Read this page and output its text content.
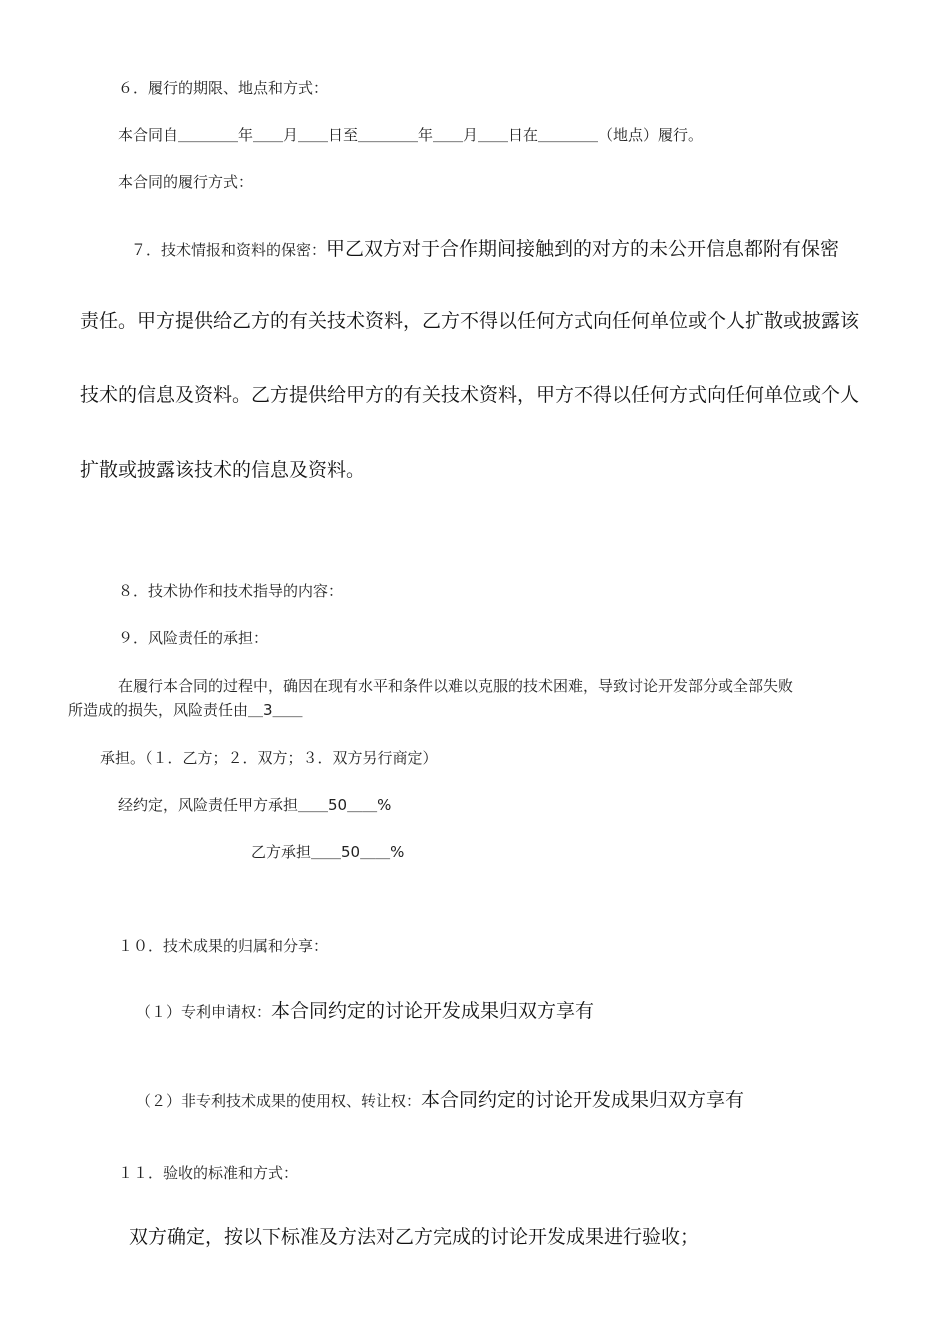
６．履行的期限、地点和方式：
本合同自＿＿＿＿年＿＿月＿＿日至＿＿＿＿年＿＿月＿＿日在＿＿＿＿（地点）履行。
本合同的履行方式：
７．技术情报和资料的保密：甲乙双方对于合作期间接触到的对方的未公开信息都附有保密
责任。甲方提供给乙方的有关技术资料，乙方不得以任何方式向任何单位或个人扩散或披露该
技术的信息及资料。乙方提供给甲方的有关技术资料，甲方不得以任何方式向任何单位或个人
扩散或披露该技术的信息及资料。
８．技术协作和技术指导的内容：
９．风险责任的承担：
在履行本合同的过程中，确因在现有水平和条件以难以克服的技术困难，导致讨论开发部分或全部失败
所造成的损失，风险责任由＿3＿＿
承担。（１．乙方；２．双方；３．双方另行商定）
经约定，风险责任甲方承担＿＿50＿＿%
乙方承担＿＿50＿＿%
１０．技术成果的归属和分享：
（１）专利申请权：本合同约定的讨论开发成果归双方享有
（２）非专利技术成果的使用权、转让权：本合同约定的讨论开发成果归双方享有
１１．验收的标准和方式：
双方确定，按以下标准及方法对乙方完成的讨论开发成果进行验收；
